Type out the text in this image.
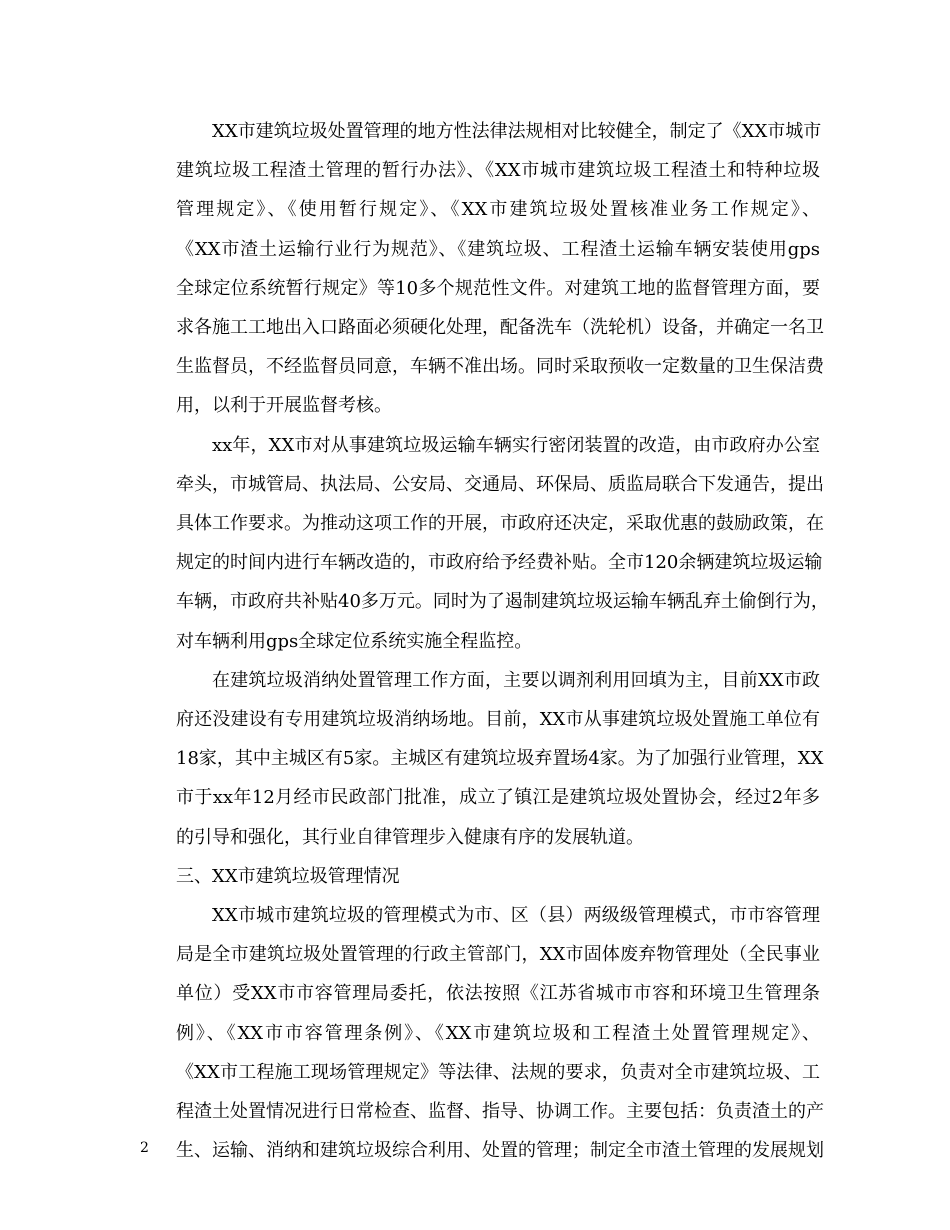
XX市建筑垃圾处置管理的地方性法律法规相对比较健全，制定了《XX市城市
建筑垃圾工程渣土管理的暂行办法》、《XX市城市建筑垃圾工程渣土和特种垃圾
管理规定》、《使用暂行规定》、《XX市建筑垃圾处置核准业务工作规定》、
《XX市渣土运输行业行为规范》、《建筑垃圾、工程渣土运输车辆安装使用gps
全球定位系统暂行规定》等10多个规范性文件。对建筑工地的监督管理方面，要
求各施工工地出入口路面必须硬化处理，配备洗车（洗轮机）设备，并确定一名卫
生监督员，不经监督员同意，车辆不准出场。同时采取预收一定数量的卫生保洁费
用，以利于开展监督考核。
xx年，XX市对从事建筑垃圾运输车辆实行密闭装置的改造，由市政府办公室
牵头，市城管局、执法局、公安局、交通局、环保局、质监局联合下发通告，提出
具体工作要求。为推动这项工作的开展，市政府还决定，采取优惠的鼓励政策，在
规定的时间内进行车辆改造的，市政府给予经费补贴。全市120余辆建筑垃圾运输
车辆，市政府共补贴40多万元。同时为了遏制建筑垃圾运输车辆乱弃土偷倒行为，
对车辆利用gps全球定位系统实施全程监控。
在建筑垃圾消纳处置管理工作方面，主要以调剂利用回填为主，目前XX市政
府还没建设有专用建筑垃圾消纳场地。目前，XX市从事建筑垃圾处置施工单位有
18家，其中主城区有5家。主城区有建筑垃圾弃置场4家。为了加强行业管理，XX
市于xx年12月经市民政部门批准，成立了镇江是建筑垃圾处置协会，经过2年多
的引导和强化，其行业自律管理步入健康有序的发展轨道。
三、XX市建筑垃圾管理情况
XX市城市建筑垃圾的管理模式为市、区（县）两级级管理模式，市市容管理
局是全市建筑垃圾处置管理的行政主管部门，XX市固体废弃物管理处（全民事业
单位）受XX市市容管理局委托，依法按照《江苏省城市市容和环境卫生管理条
例》、《XX市市容管理条例》、《XX市建筑垃圾和工程渣土处置管理规定》、
《XX市工程施工现场管理规定》等法律、法规的要求，负责对全市建筑垃圾、工
程渣土处置情况进行日常检查、监督、指导、协调工作。主要包括：负责渣土的产
生、运输、消纳和建筑垃圾综合利用、处置的管理；制定全市渣土管理的发展规划
2
